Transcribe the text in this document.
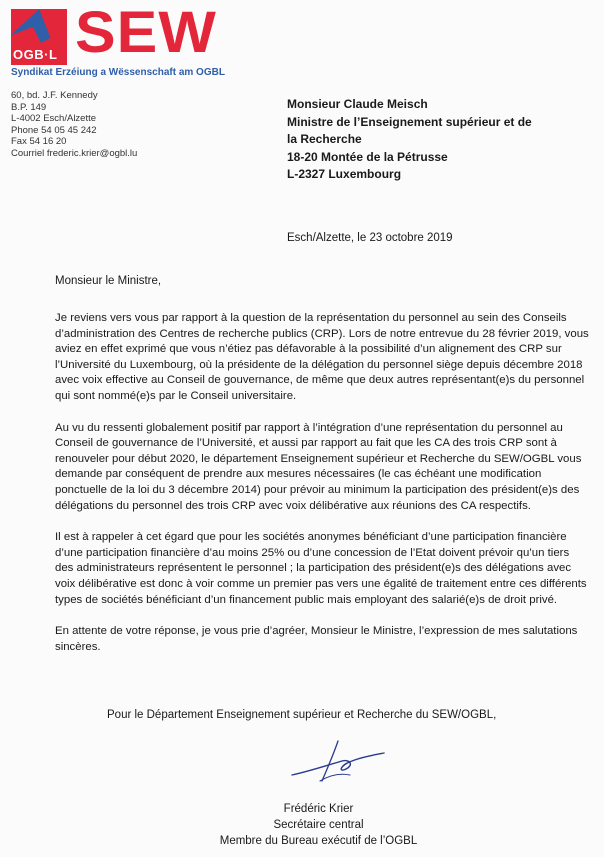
OGB·L SEW
Syndikat Erzéiung a Wëssenschaft am OGBL
60, bd. J.F. Kennedy
B.P. 149
L-4002 Esch/Alzette
Phone 54 05 45 242
Fax 54 16 20
Courriel frederic.krier@ogbl.lu
Monsieur Claude Meisch
Ministre de l’Enseignement supérieur et de
la Recherche
18-20 Montée de la Pétrusse
L-2327 Luxembourg
Esch/Alzette, le 23 octobre 2019
Monsieur le Ministre,

Je reviens vers vous par rapport à la question de la représentation du personnel au sein des Conseils d’administration des Centres de recherche publics (CRP). Lors de notre entrevue du 28 février 2019, vous aviez en effet exprimé que vous n’étiez pas défavorable à la possibilité d’un alignement des CRP sur l’Université du Luxembourg, où la présidente de la délégation du personnel siège depuis décembre 2018 avec voix effective au Conseil de gouvernance, de même que deux autres représentant(e)s du personnel qui sont nommé(e)s par le Conseil universitaire.

Au vu du ressenti globalement positif par rapport à l’intégration d’une représentation du personnel au Conseil de gouvernance de l’Université, et aussi par rapport au fait que les CA des trois CRP sont à renouveler pour début 2020, le département Enseignement supérieur et Recherche du SEW/OGBL vous demande par conséquent de prendre aux mesures nécessaires (le cas échéant une modification ponctuelle de la loi du 3 décembre 2014) pour prévoir au minimum la participation des président(e)s des délégations du personnel des trois CRP avec voix délibérative aux réunions des CA respectifs.

Il est à rappeler à cet égard que pour les sociétés anonymes bénéficiant d’une participation financière d’une participation financière d’au moins 25% ou d’une concession de l’Etat doivent prévoir qu’un tiers des administrateurs représentent le personnel ; la participation des président(e)s des délégations avec voix délibérative est donc à voir comme un premier pas vers une égalité de traitement entre ces différents types de sociétés bénéficiant d’un financement public mais employant des salarié(e)s de droit privé.

En attente de votre réponse, je vous prie d’agréer, Monsieur le Ministre, l’expression de mes salutations sincères.

Pour le Département Enseignement supérieur et Recherche du SEW/OGBL,
Frédéric Krier
Secrétaire central
Membre du Bureau exécutif de l’OGBL
